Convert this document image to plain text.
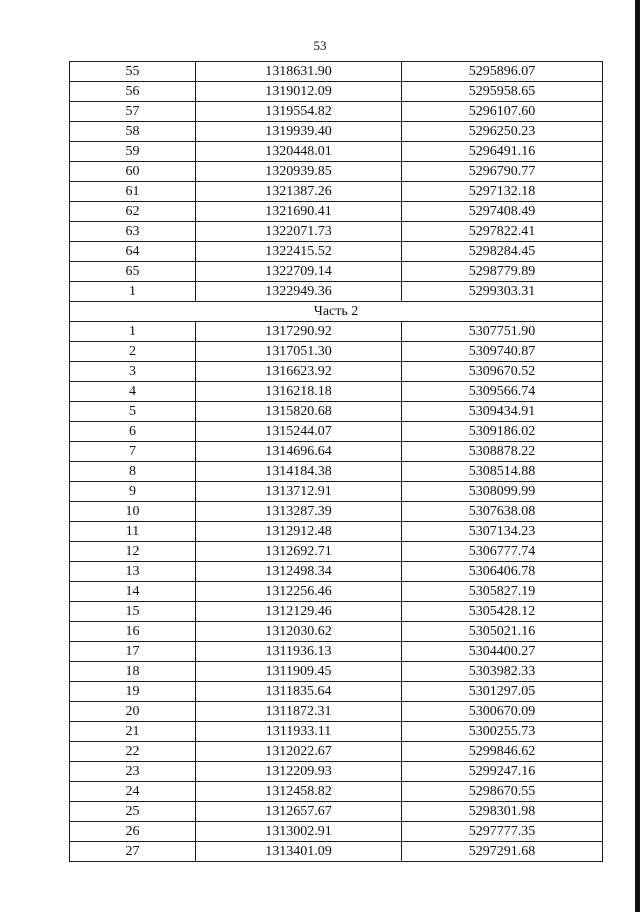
53
55	1318631.90	5295896.07
56	1319012.09	5295958.65
57	1319554.82	5296107.60
58	1319939.40	5296250.23
59	1320448.01	5296491.16
60	1320939.85	5296790.77
61	1321387.26	5297132.18
62	1321690.41	5297408.49
63	1322071.73	5297822.41
64	1322415.52	5298284.45
65	1322709.14	5298779.89
1	1322949.36	5299303.31
Часть 2		
1	1317290.92	5307751.90
2	1317051.30	5309740.87
3	1316623.92	5309670.52
4	1316218.18	5309566.74
5	1315820.68	5309434.91
6	1315244.07	5309186.02
7	1314696.64	5308878.22
8	1314184.38	5308514.88
9	1313712.91	5308099.99
10	1313287.39	5307638.08
11	1312912.48	5307134.23
12	1312692.71	5306777.74
13	1312498.34	5306406.78
14	1312256.46	5305827.19
15	1312129.46	5305428.12
16	1312030.62	5305021.16
17	1311936.13	5304400.27
18	1311909.45	5303982.33
19	1311835.64	5301297.05
20	1311872.31	5300670.09
21	1311933.11	5300255.73
22	1312022.67	5299846.62
23	1312209.93	5299247.16
24	1312458.82	5298670.55
25	1312657.67	5298301.98
26	1313002.91	5297777.35
27	1313401.09	5297291.68
